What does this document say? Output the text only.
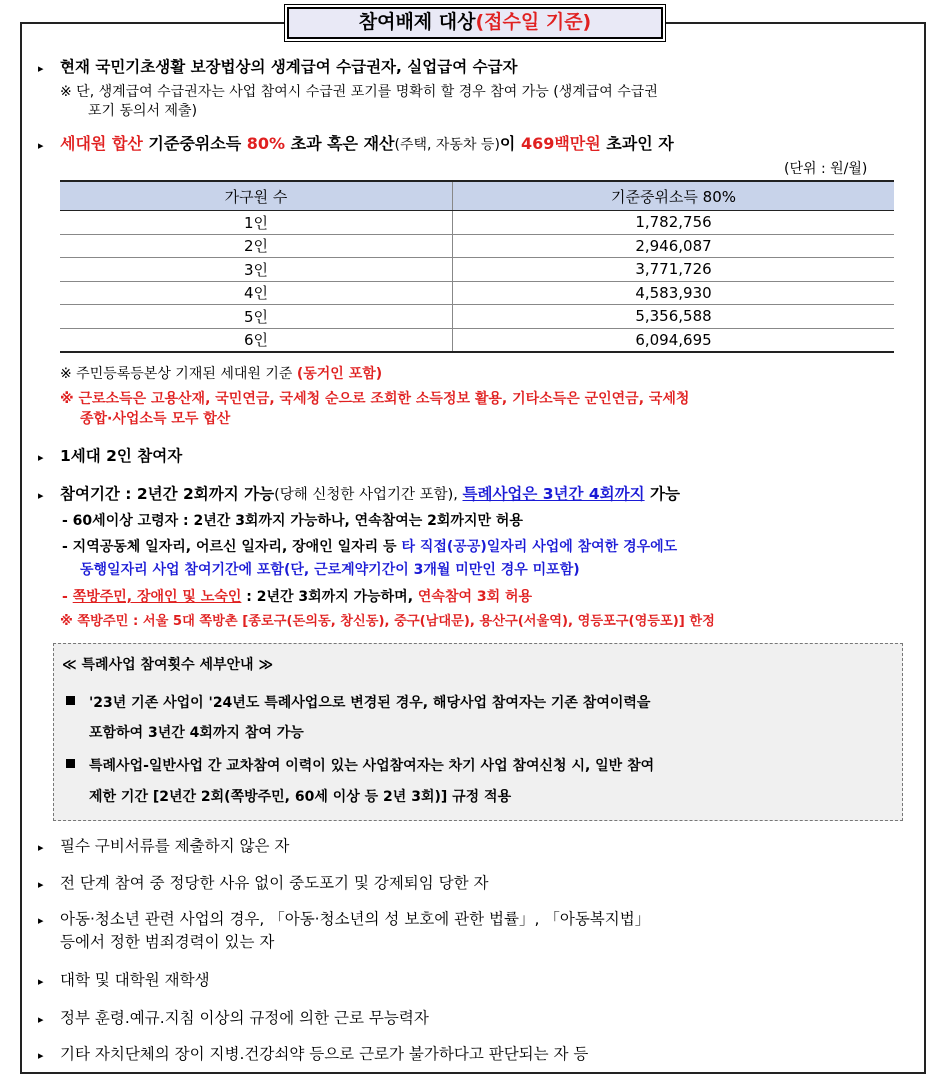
참여배제 대상(접수일 기준)
▸ 현재 국민기초생활 보장법상의 생계급여 수급권자, 실업급여 수급자
※ 단, 생계급여 수급권자는 사업 참여시 수급권 포기를 명확히 할 경우 참여 가능 (생계급여 수급권
포기 동의서 제출)
▸ 세대원 합산 기준중위소득 80% 초과 혹은 재산(주택, 자동차 등)이 469백만원 초과인 자
(단위 : 원/월)
가구원 수	기준중위소득 80%
1인	1,782,756
2인	2,946,087
3인	3,771,726
4인	4,583,930
5인	5,356,588
6인	6,094,695
※ 주민등록등본상 기재된 세대원 기준 (동거인 포함)
※ 근로소득은 고용산재, 국민연금, 국세청 순으로 조회한 소득정보 활용, 기타소득은 군인연금, 국세청
종합·사업소득 모두 합산
▸ 1세대 2인 참여자
▸ 참여기간 : 2년간 2회까지 가능(당해 신청한 사업기간 포함), 특례사업은 3년간 4회까지 가능
- 60세이상 고령자 : 2년간 3회까지 가능하나, 연속참여는 2회까지만 허용
- 지역공동체 일자리, 어르신 일자리, 장애인 일자리 등 타 직접(공공)일자리 사업에 참여한 경우에도
동행일자리 사업 참여기간에 포함(단, 근로계약기간이 3개월 미만인 경우 미포함)
- 쪽방주민, 장애인 및 노숙인 : 2년간 3회까지 가능하며, 연속참여 3회 허용
※ 쪽방주민 : 서울 5대 쪽방촌 [종로구(돈의동, 창신동), 중구(남대문), 용산구(서울역), 영등포구(영등포)] 한정
≪ 특례사업 참여횟수 세부안내 ≫
'23년 기존 사업이 '24년도 특례사업으로 변경된 경우, 해당사업 참여자는 기존 참여이력을
포함하여 3년간 4회까지 참여 가능
특례사업-일반사업 간 교차참여 이력이 있는 사업참여자는 차기 사업 참여신청 시, 일반 참여
제한 기간 [2년간 2회(쪽방주민, 60세 이상 등 2년 3회)] 규정 적용
▸ 필수 구비서류를 제출하지 않은 자
▸ 전 단계 참여 중 정당한 사유 없이 중도포기 및 강제퇴임 당한 자
▸ 아동·청소년 관련 사업의 경우, 「아동·청소년의 성 보호에 관한 법률」, 「아동복지법」
등에서 정한 범죄경력이 있는 자
▸ 대학 및 대학원 재학생
▸ 정부 훈령.예규.지침 이상의 규정에 의한 근로 무능력자
▸ 기타 자치단체의 장이 지병.건강쇠약 등으로 근로가 불가하다고 판단되는 자 등
